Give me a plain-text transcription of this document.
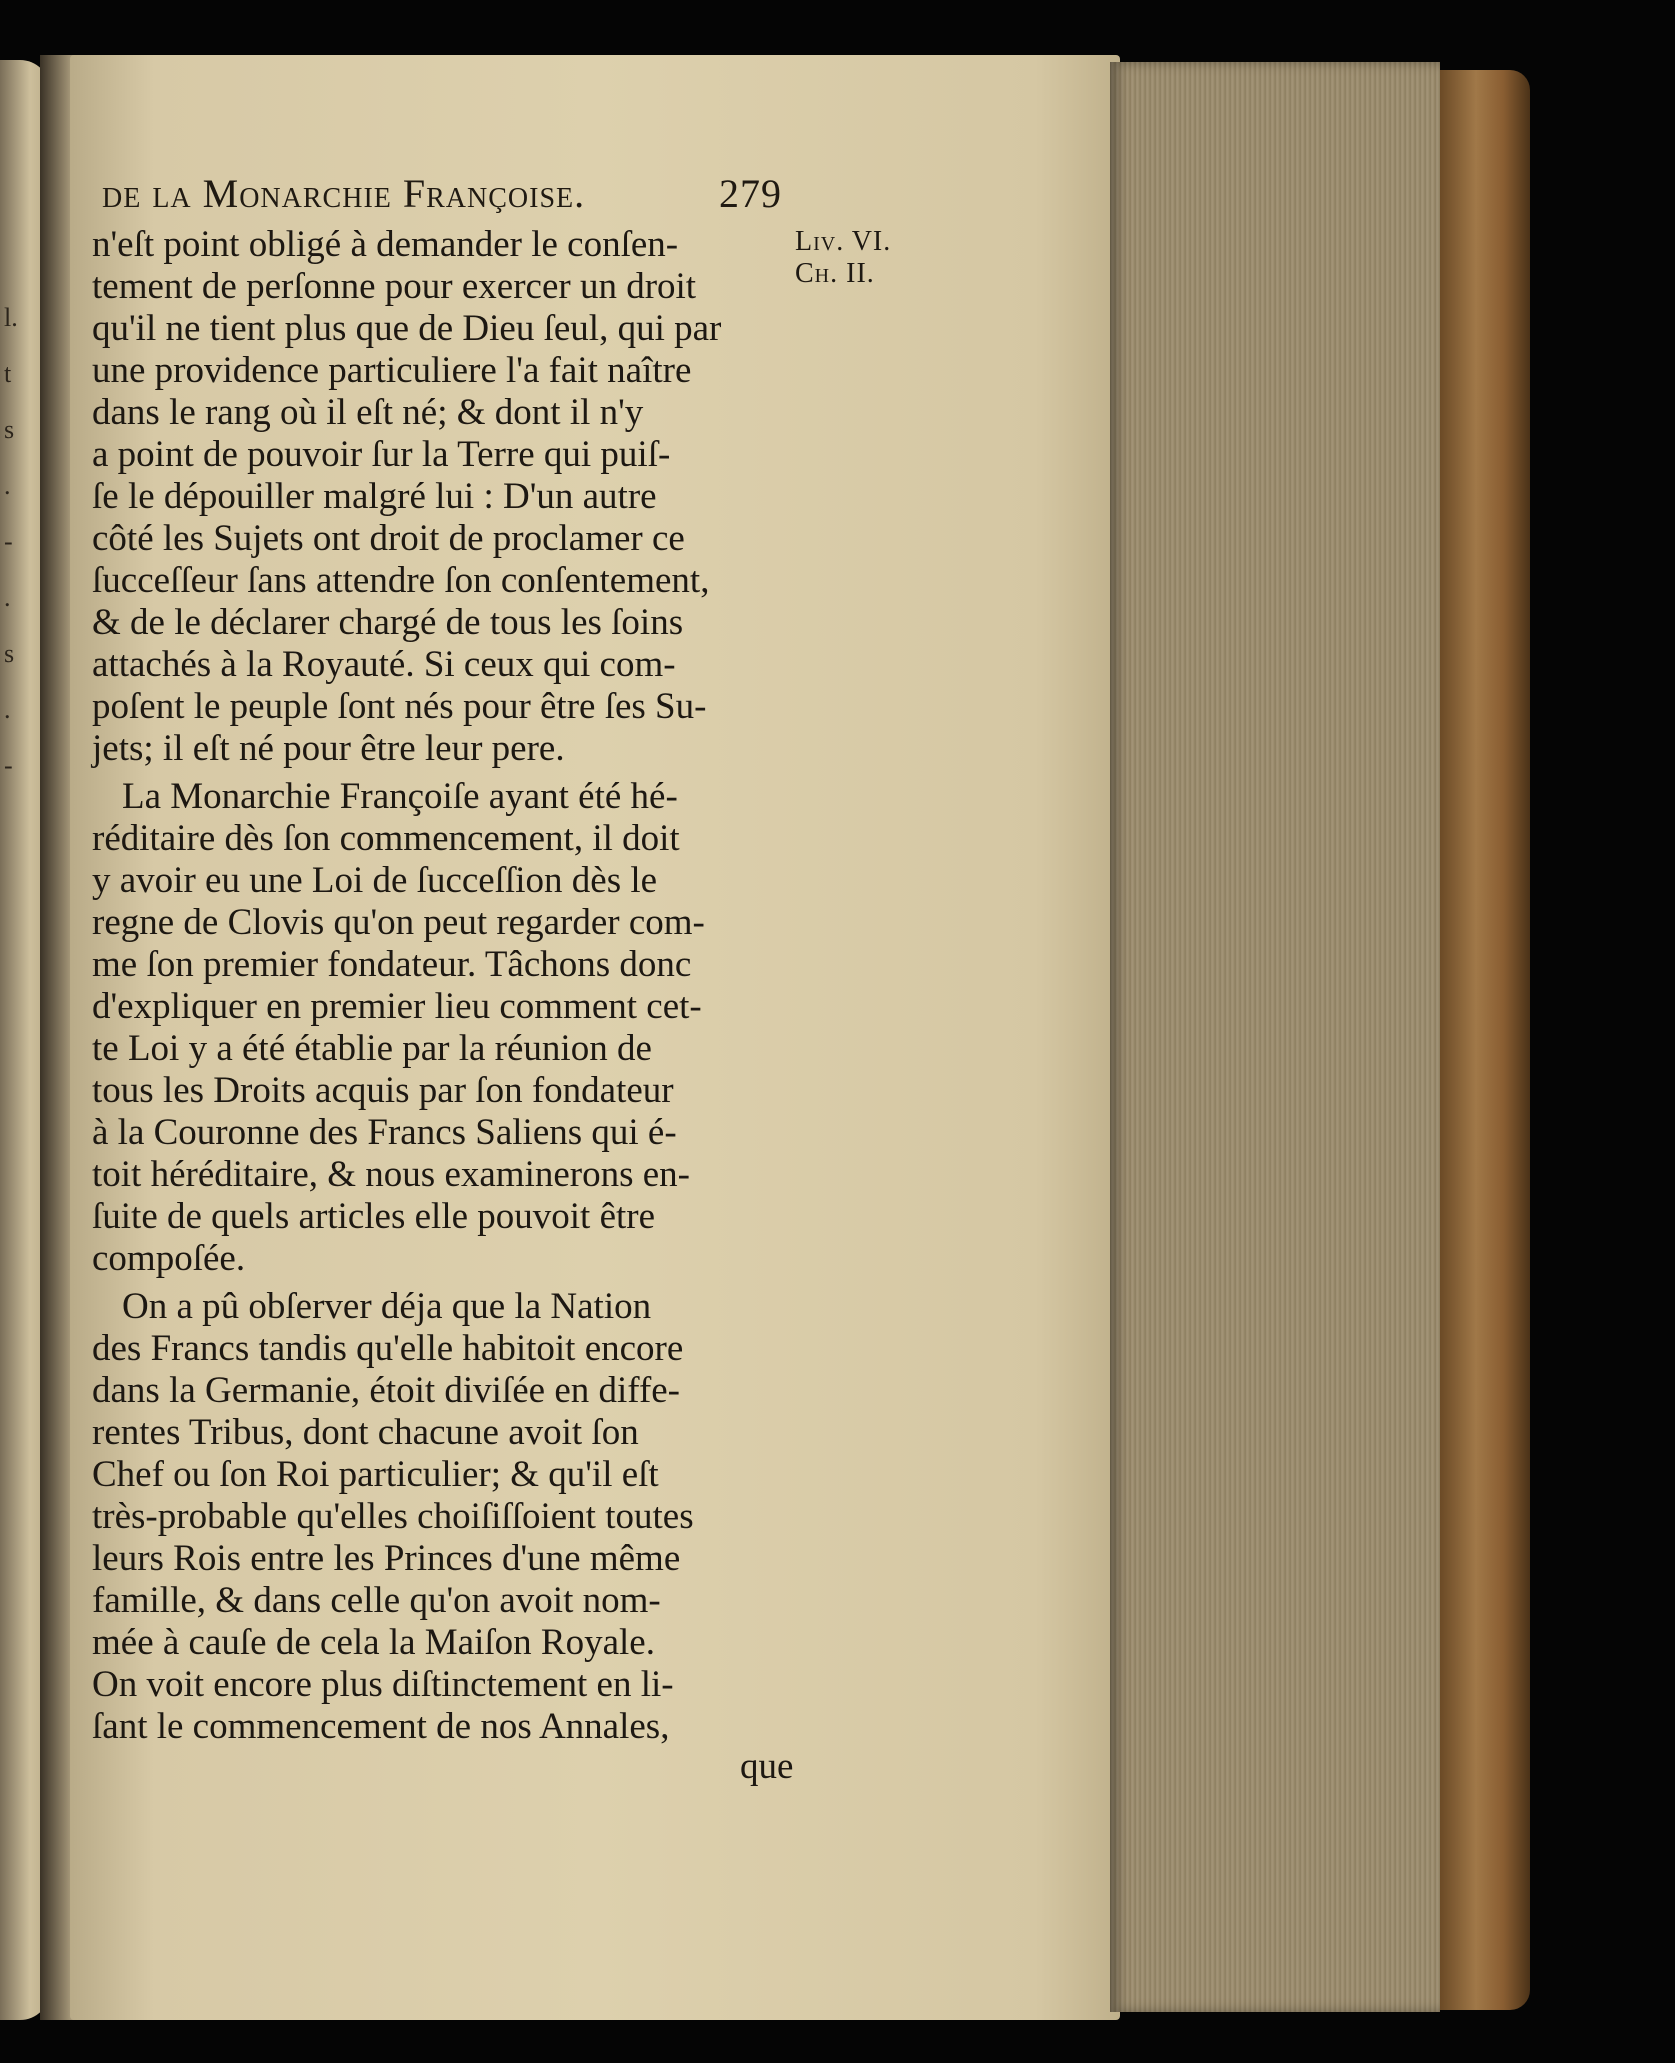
l.
t
s
.
-
.
s
.
-
de la Monarchie Françoise.	279
Liv. VI.
Ch. II.
n'eſt point obligé à demander le conſen-
tement de perſonne pour exercer un droit
qu'il ne tient plus que de Dieu ſeul, qui par
une providence particuliere l'a fait naître
dans le rang où il eſt né; & dont il n'y
a point de pouvoir ſur la Terre qui puiſ-
ſe le dépouiller malgré lui : D'un autre
côté les Sujets ont droit de proclamer ce
ſucceſſeur ſans attendre ſon conſentement,
& de le déclarer chargé de tous les ſoins
attachés à la Royauté. Si ceux qui com-
poſent le peuple ſont nés pour être ſes Su-
jets; il eſt né pour être leur pere.
La Monarchie Françoiſe ayant été hé-
réditaire dès ſon commencement, il doit
y avoir eu une Loi de ſucceſſion dès le
regne de Clovis qu'on peut regarder com-
me ſon premier fondateur. Tâchons donc
d'expliquer en premier lieu comment cet-
te Loi y a été établie par la réunion de
tous les Droits acquis par ſon fondateur
à la Couronne des Francs Saliens qui é-
toit héréditaire, & nous examinerons en-
ſuite de quels articles elle pouvoit être
compoſée.
On a pû obſerver déja que la Nation
des Francs tandis qu'elle habitoit encore
dans la Germanie, étoit diviſée en diffe-
rentes Tribus, dont chacune avoit ſon
Chef ou ſon Roi particulier; & qu'il eſt
très-probable qu'elles choiſiſſoient toutes
leurs Rois entre les Princes d'une même
famille, & dans celle qu'on avoit nom-
mée à cauſe de cela la Maiſon Royale.
On voit encore plus diſtinctement en li-
ſant le commencement de nos Annales,
que
